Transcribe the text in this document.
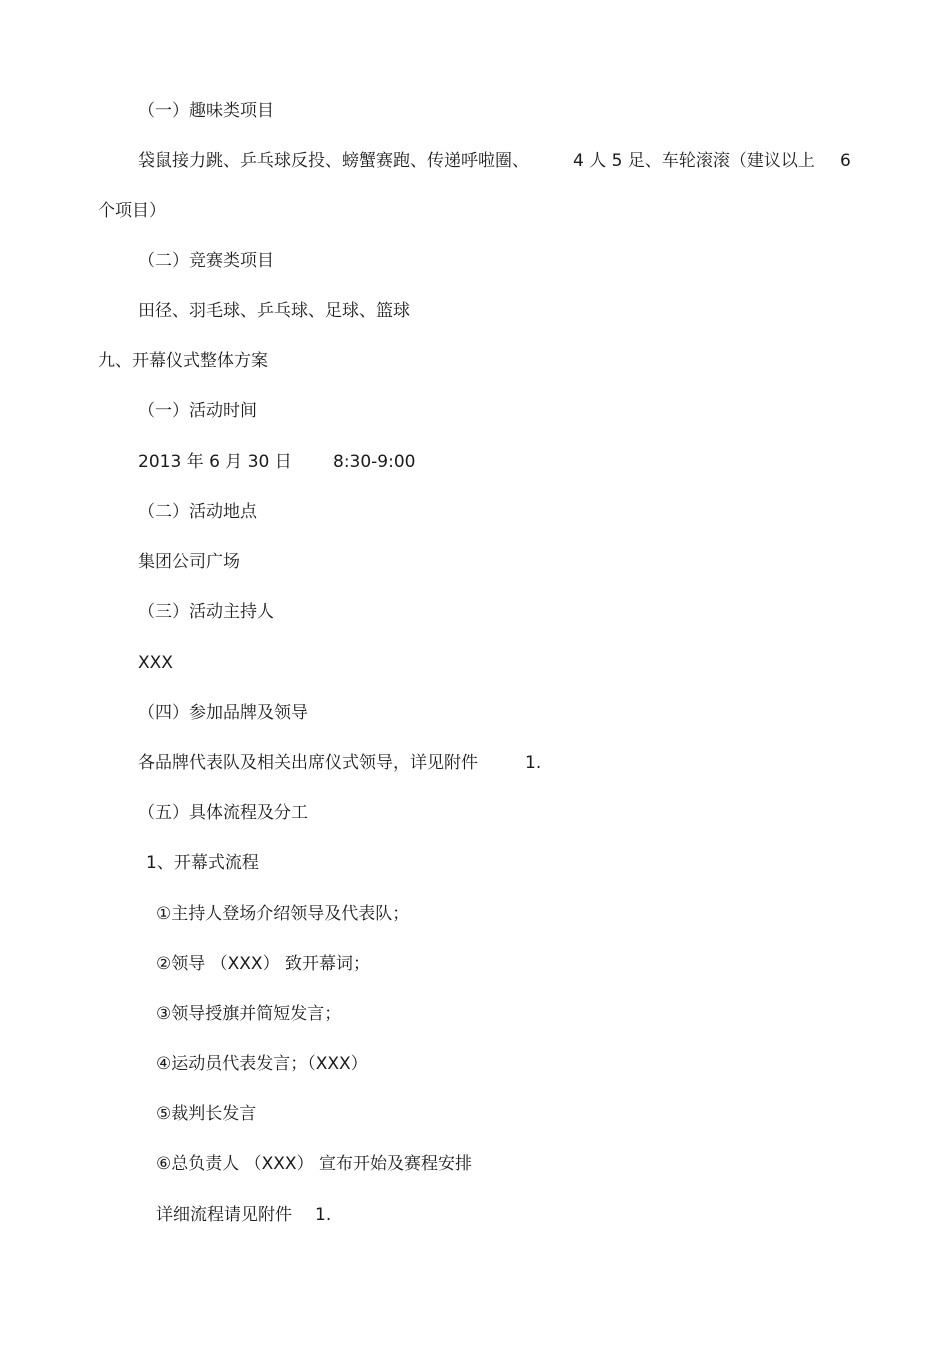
（一）趣味类项目

袋鼠接力跳、乒乓球反投、螃蟹赛跑、传递呼啦圈、	4 人 5 足、车轮滚滚（建议以上 6

个项目）

（二）竞赛类项目

田径、羽毛球、乒乓球、足球、篮球

九、开幕仪式整体方案

（一）活动时间

2013 年 6 月 30 日 8:30-9:00

（二）活动地点

集团公司广场

（三）活动主持人

XXX

（四）参加品牌及领导

各品牌代表队及相关出席仪式领导，详见附件	1.

（五）具体流程及分工

1、开幕式流程

①主持人登场介绍领导及代表队；

②领导 （XXX） 致开幕词；

③领导授旗并简短发言；

④运动员代表发言；（XXX）

⑤裁判长发言

⑥总负责人 （XXX） 宣布开始及赛程安排

详细流程请见附件 1.
